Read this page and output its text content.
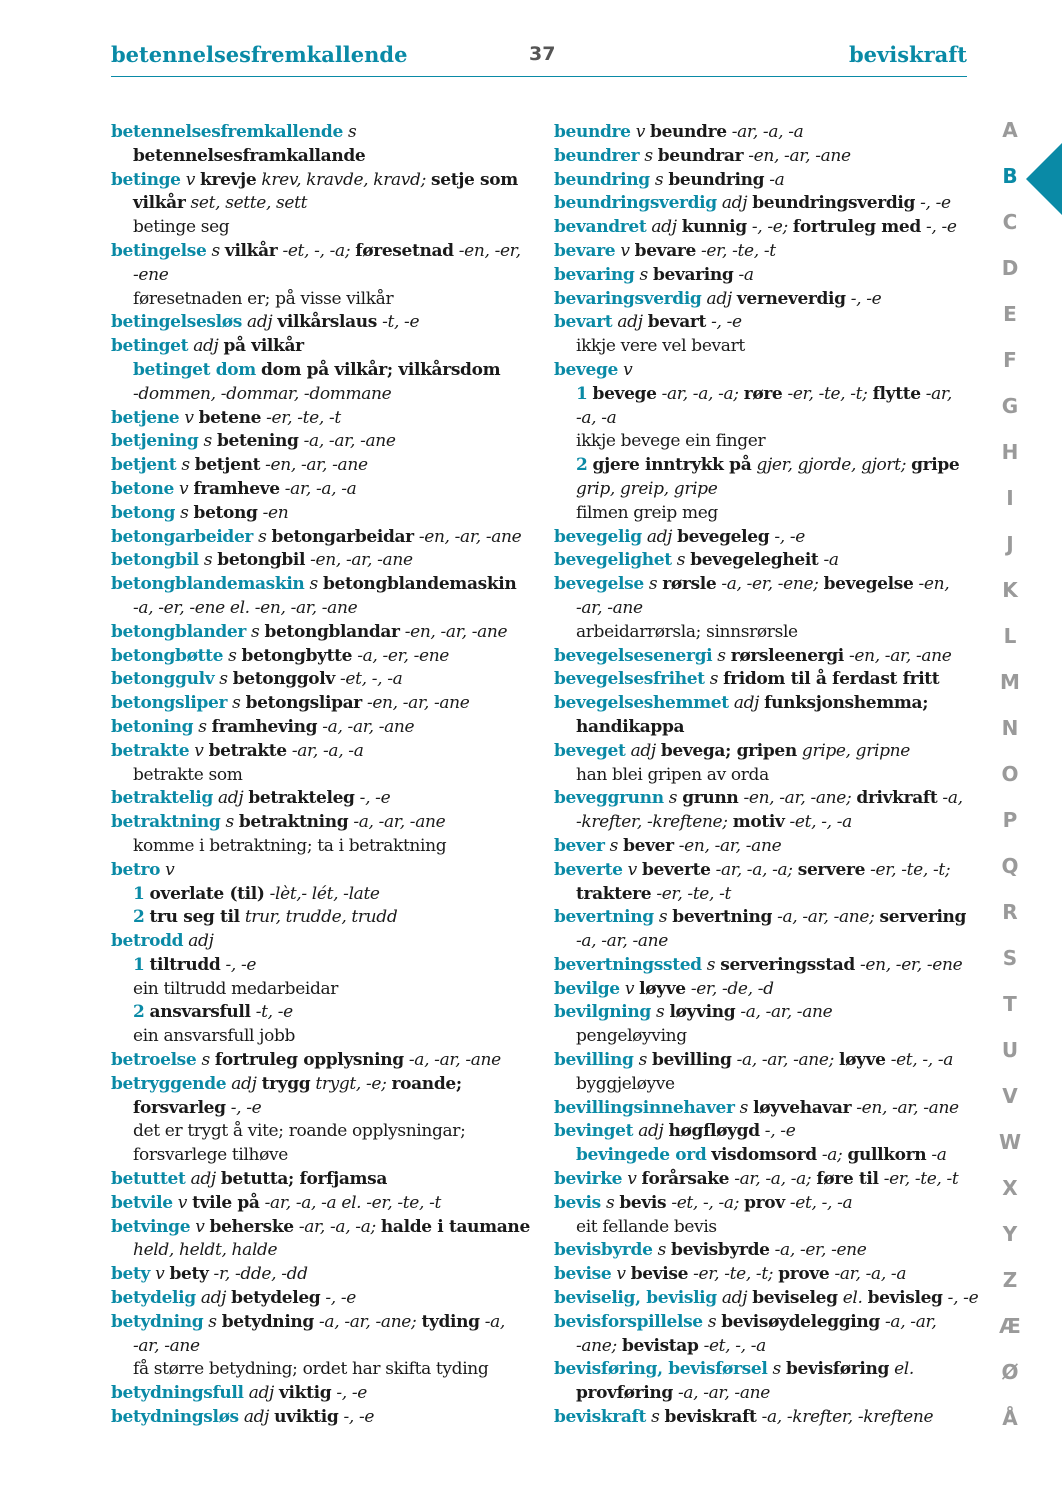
betennelsesfremkallende	37	beviskraft
betennelsesfremkallende s
betennelsesframkallande
betinge v krevje krev, kravde, kravd; setje som
vilkår set, sette, sett
betinge seg
betingelse s vilkår -et, -, -a; føresetnad -en, -er,
-ene
føresetnaden er; på visse vilkår
betingelsesløs adj vilkårslaus -t, -e
betinget adj på vilkår
betinget dom dom på vilkår; vilkårsdom
-dommen, -dommar, -dommane
betjene v betene -er, -te, -t
betjening s betening -a, -ar, -ane
betjent s betjent -en, -ar, -ane
betone v framheve -ar, -a, -a
betong s betong -en
betongarbeider s betongarbeidar -en, -ar, -ane
betongbil s betongbil -en, -ar, -ane
betongblandemaskin s betongblandemaskin
-a, -er, -ene el. -en, -ar, -ane
betongblander s betongblandar -en, -ar, -ane
betongbøtte s betongbytte -a, -er, -ene
betonggulv s betonggolv -et, -, -a
betongsliper s betongslipar -en, -ar, -ane
betoning s framheving -a, -ar, -ane
betrakte v betrakte -ar, -a, -a
betrakte som
betraktelig adj betrakteleg -, -e
betraktning s betraktning -a, -ar, -ane
komme i betraktning; ta i betraktning
betro v
1 overlate (til) -lèt,- lét, -late
2 tru seg til trur, trudde, trudd
betrodd adj
1 tiltrudd -, -e
ein tiltrudd medarbeidar
2 ansvarsfull -t, -e
ein ansvarsfull jobb
betroelse s fortruleg opplysning -a, -ar, -ane
betryggende adj trygg trygt, -e; roande;
forsvarleg -, -e
det er trygt å vite; roande opplysningar;
forsvarlege tilhøve
betuttet adj betutta; forfjamsa
betvile v tvile på -ar, -a, -a el. -er, -te, -t
betvinge v beherske -ar, -a, -a; halde i taumane
held, heldt, halde
bety v bety -r, -dde, -dd
betydelig adj betydeleg -, -e
betydning s betydning -a, -ar, -ane; tyding -a,
-ar, -ane
få større betydning; ordet har skifta tyding
betydningsfull adj viktig -, -e
betydningsløs adj uviktig -, -e
beundre v beundre -ar, -a, -a
beundrer s beundrar -en, -ar, -ane
beundring s beundring -a
beundringsverdig adj beundringsverdig -, -e
bevandret adj kunnig -, -e; fortruleg med -, -e
bevare v bevare -er, -te, -t
bevaring s bevaring -a
bevaringsverdig adj verneverdig -, -e
bevart adj bevart -, -e
ikkje vere vel bevart
bevege v
1 bevege -ar, -a, -a; røre -er, -te, -t; flytte -ar,
-a, -a
ikkje bevege ein finger
2 gjere inntrykk på gjer, gjorde, gjort; gripe
grip, greip, gripe
filmen greip meg
bevegelig adj bevegeleg -, -e
bevegelighet s bevegelegheit -a
bevegelse s rørsle -a, -er, -ene; bevegelse -en,
-ar, -ane
arbeidarrørsla; sinnsrørsle
bevegelsesenergi s rørsleenergi -en, -ar, -ane
bevegelsesfrihet s fridom til å ferdast fritt
bevegelseshemmet adj funksjonshemma;
handikappa
beveget adj bevega; gripen gripe, gripne
han blei gripen av orda
beveggrunn s grunn -en, -ar, -ane; drivkraft -a,
-krefter, -kreftene; motiv -et, -, -a
bever s bever -en, -ar, -ane
beverte v beverte -ar, -a, -a; servere -er, -te, -t;
traktere -er, -te, -t
bevertning s bevertning -a, -ar, -ane; servering
-a, -ar, -ane
bevertningssted s serveringsstad -en, -er, -ene
bevilge v løyve -er, -de, -d
bevilgning s løyving -a, -ar, -ane
pengeløyving
bevilling s bevilling -a, -ar, -ane; løyve -et, -, -a
byggjeløyve
bevillingsinnehaver s løyvehavar -en, -ar, -ane
bevinget adj høgfløygd -, -e
bevingede ord visdomsord -a; gullkorn -a
bevirke v forårsake -ar, -a, -a; føre til -er, -te, -t
bevis s bevis -et, -, -a; prov -et, -, -a
eit fellande bevis
bevisbyrde s bevisbyrde -a, -er, -ene
bevise v bevise -er, -te, -t; prove -ar, -a, -a
beviselig, bevislig adj beviseleg el. bevisleg -, -e
bevisforspillelse s bevisøydelegging -a, -ar,
-ane; bevistap -et, -, -a
bevisføring, bevisførsel s bevisføring el.
provføring -a, -ar, -ane
beviskraft s beviskraft -a, -krefter, -kreftene
A
B
C
D
E
F
G
H
I
J
K
L
M
N
O
P
Q
R
S
T
U
V
W
X
Y
Z
Æ
Ø
Å
